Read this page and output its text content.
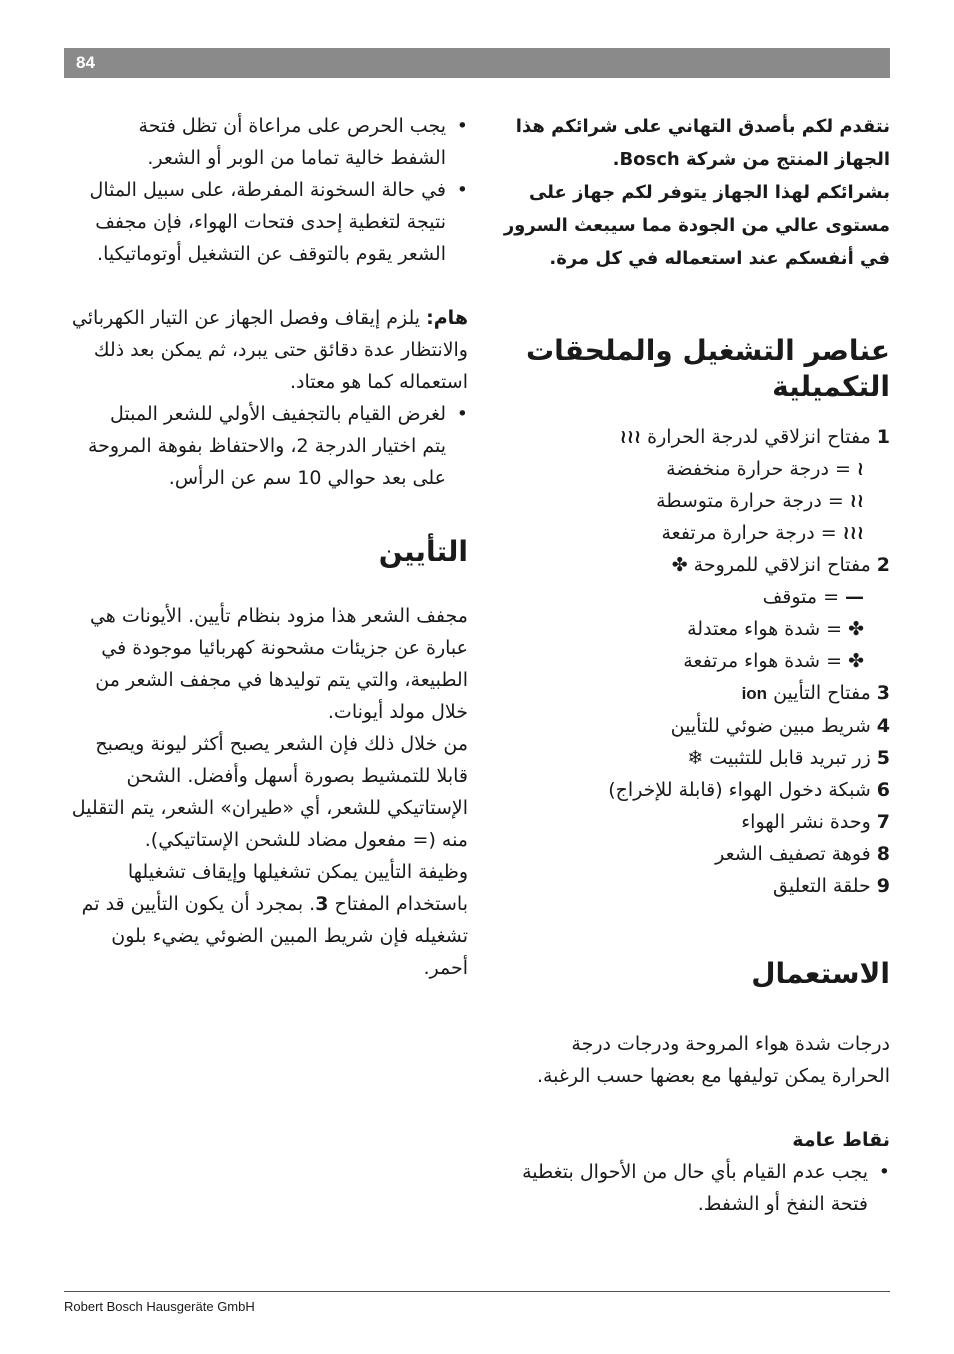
84

نتقدم لكم بأصدق التهاني على شرائكم هذا

الجهاز المنتج من شركة Bosch.

بشرائكم لهذا الجهاز يتوفر لكم جهاز على

مستوى عالي من الجودة مما سيبعث السرور

في أنفسكم عند استعماله في كل مرة.

عناصر التشغيل والملحقات
التكميلية

1مفتاح انزلاقي لدرجة الحرارة≀≀≀

≀= درجة حرارة منخفضة

≀≀= درجة حرارة متوسطة

≀≀≀= درجة حرارة مرتفعة

2مفتاح انزلاقي للمروحة✤

—= متوقف

✤= شدة هواء معتدلة

✤= شدة هواء مرتفعة

3مفتاح التأيينion

4شريط مبين ضوئي للتأيين

5زر تبريد قابل للتثبيت❄

6شبكة دخول الهواء (قابلة للإخراج)

7وحدة نشر الهواء

8فوهة تصفيف الشعر

9حلقة التعليق

الاستعمال

درجات شدة هواء المروحة ودرجات درجة الحرارة يمكن توليفها مع بعضها حسب الرغبة.

نقاط عامة

• يجب عدم القيام بأي حال من الأحوال بتغطية فتحة النفخ أو الشفط.

• يجب الحرص على مراعاة أن تظل فتحة الشفط خالية تماما من الوبر أو الشعر.

• في حالة السخونة المفرطة، على سبيل المثال نتيجة لتغطية إحدى فتحات الهواء، فإن مجفف الشعر يقوم بالتوقف عن التشغيل أوتوماتيكيا.

هام: يلزم إيقاف وفصل الجهاز عن التيار الكهربائي والانتظار عدة دقائق حتى يبرد، ثم يمكن بعد ذلك استعماله كما هو معتاد.

• لغرض القيام بالتجفيف الأولي للشعر المبتل يتم اختيار الدرجة 2، والاحتفاظ بفوهة المروحة على بعد حوالي 10 سم عن الرأس.

التأيين

مجفف الشعر هذا مزود بنظام تأيين. الأيونات هي عبارة عن جزيئات مشحونة كهربائيا موجودة في الطبيعة، والتي يتم توليدها في مجفف الشعر من خلال مولد أيونات.

من خلال ذلك فإن الشعر يصبح أكثر ليونة ويصبح قابلا للتمشيط بصورة أسهل وأفضل. الشحن الإستاتيكي للشعر، أي «طيران» الشعر، يتم التقليل منه (= مفعول مضاد للشحن الإستاتيكي).

وظيفة التأيين يمكن تشغيلها وإيقاف تشغيلها باستخدام المفتاح 3. بمجرد أن يكون التأيين قد تم تشغيله فإن شريط المبين الضوئي يضيء بلون أحمر.

Robert Bosch Hausgeräte GmbH
